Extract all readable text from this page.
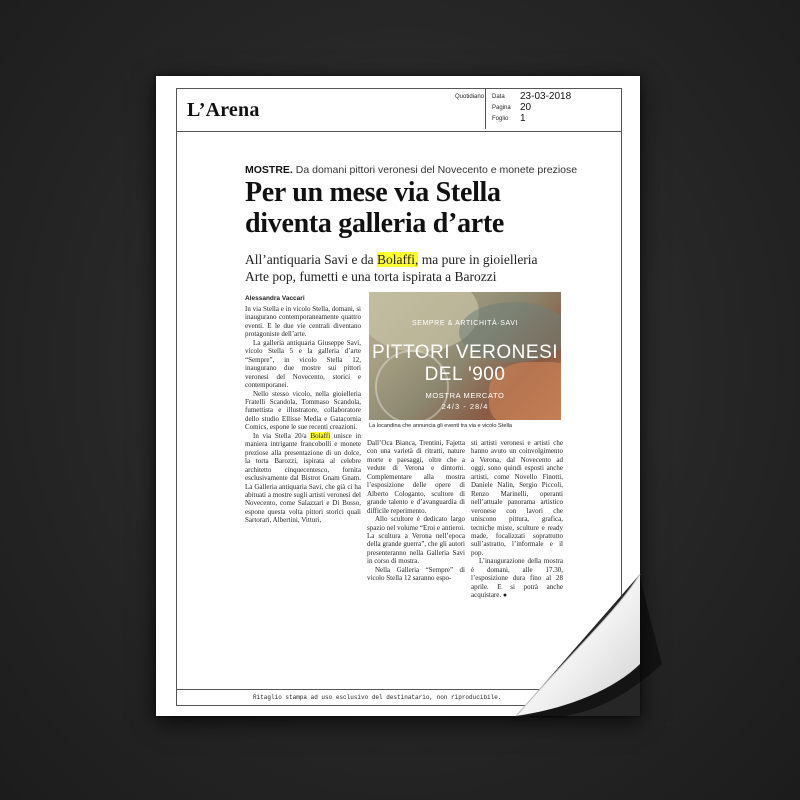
L’Arena
Quotidiano Data 23-03-2018
Pagina 20
Foglio 1
MOSTRE. Da domani pittori veronesi del Novecento e monete preziose
Per un mese via Stella
diventa galleria d’arte
All’antiquaria Savi e da Bolaffi, ma pure in gioielleria
Arte pop, fumetti e una torta ispirata a Barozzi
Alessandra Vaccari

In via Stella e in vicolo Stella, domani, si inaugurano contemporaneamente quattro eventi. E le due vie centrali diventano protagoniste dell’arte.

La galleria antiquaria Giuseppe Savi, vicolo Stella 5 e la galleria d’arte “Sempre”, in vicolo Stella 12, inaugurano due mostre sui pittori veronesi del Novecento, storici e contemporanei.

Nello stesso vicolo, nella gioielleria Fratelli Scandola, Tommaso Scandola, fumettista e illustratore, collaboratore dello studio Ellisse Media e Gatacornia Comics, espone le sue recenti creazioni.

In via Stella 20/a Bolaffi unisce in maniera intrigante francobolli e monete preziose alla presentazione di un dolce, la torta Barozzi, ispirata al celebre architetto cinquecentesco, fornita esclusivamente dal Bistrot Gnam Gnam. La Galleria antiquaria Savi, che già ci ha abituati a mostre sugli artisti veronesi del Novecento, come Salazzari e Di Bosso, espone questa volta pittori storici quali Sartorari, Albertini, Vitturi,

SEMPRE & ARTICHITÀ·SAVI
PITTORI VERONESI
DEL '900
MOSTRA MERCATO
24/3 - 28/4
La locandina che annuncia gli eventi tra via e vicolo Stella

Dall’Oca Bianca, Trentini, Fajetta con una varietà di ritratti, nature morte e paesaggi, oltre che a vedute di Verona e dintorni. Complementare alla mostra l’esposizione delle opere di Alberto Cologanto, scultore di grande talento e d’avanguardia di difficile reperimento.

Allo scultore è dedicato largo spazio nel volume “Eroi e antieroi. La scultura a Verona nell’epoca della grande guerra”, che gli autori presenteranno nella Galleria Savi in corso di mostra.

Nella Galleria “Sempre” di vicolo Stella 12 saranno espo-

sti artisti veronesi e artisti che hanno avuto un coinvolgimento a Verona, dal Novecento ad oggi, sono quindi esposti anche artisti, come Novello Finotti, Daniele Nalin, Sergio Piccoli, Renzo Marinelli, operanti nell’attuale panorama artistico veronese con lavori che uniscono pittura, grafica, tecniche miste, sculture e ready made, focalizzati soprattutto sull’astratto, l’informale e il pop.

L’inaugurazione della mostra è domani, alle 17.30, l’esposizione dura fino al 28 aprile. E si potrà anche acquistare. ●

Ritaglio stampa ad uso esclusivo del destinatario, non riproducibile.
